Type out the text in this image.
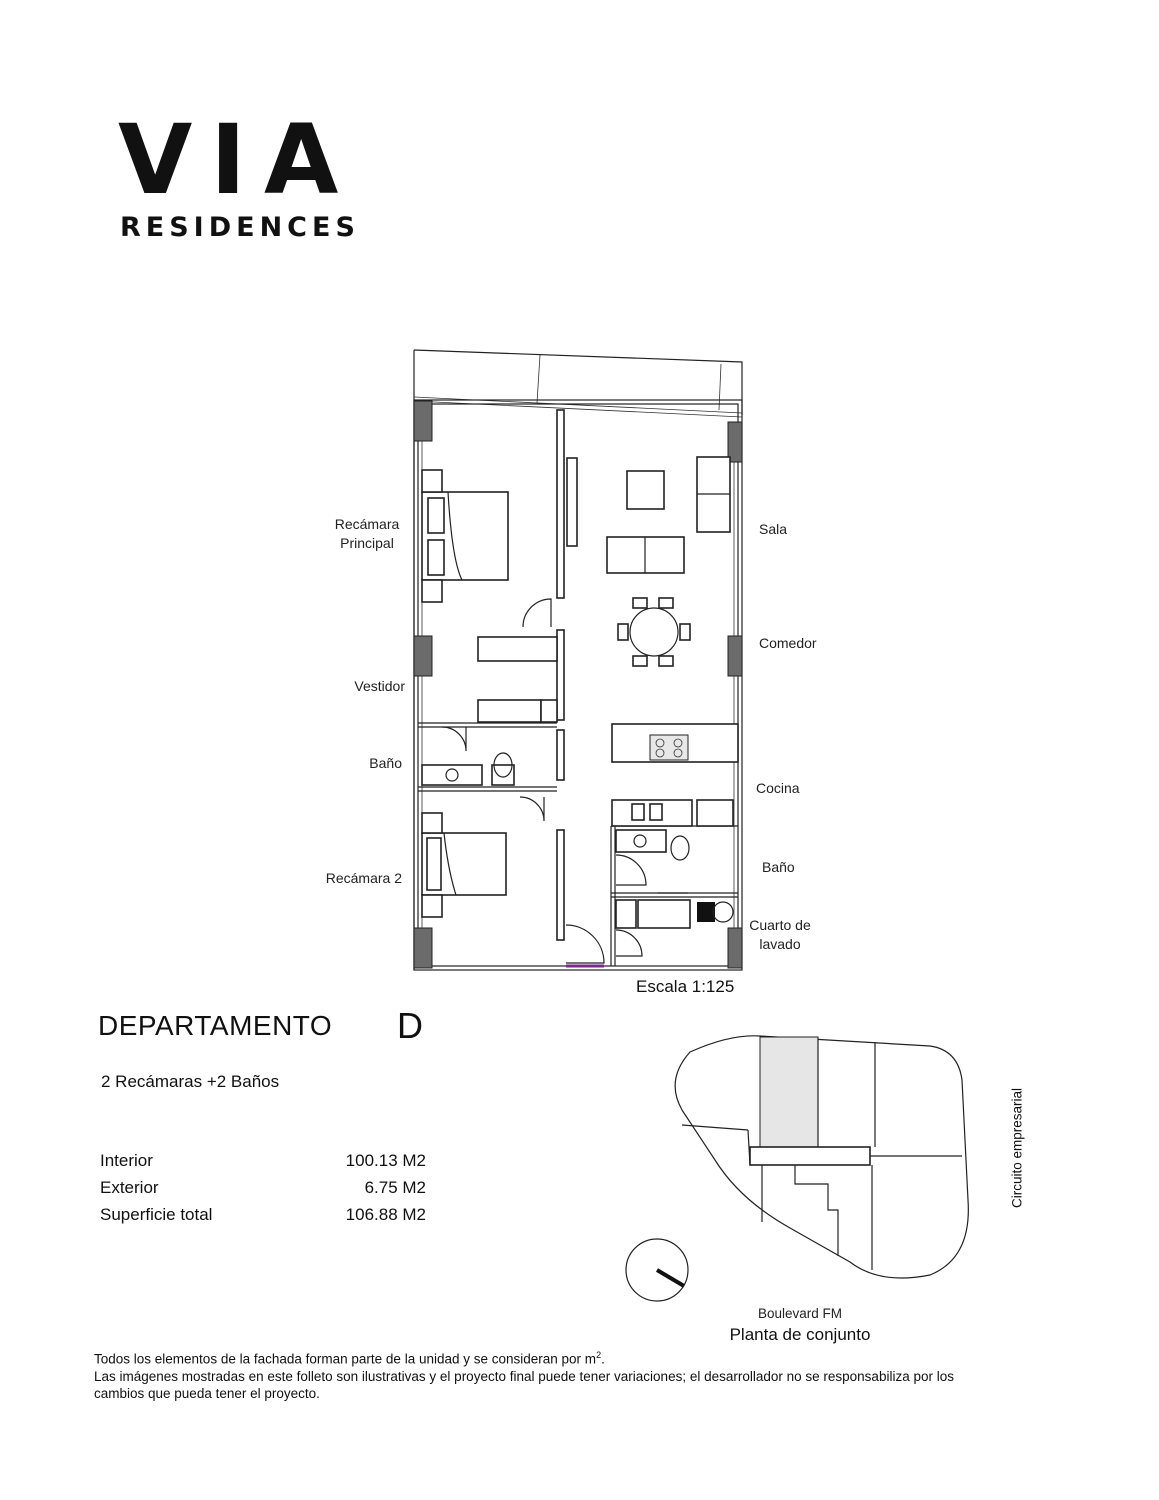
VIA
RESIDENCES
Recámara
Principal
Vestidor
Baño
Recámara 2
Sala
Comedor
Cocina
Baño
Cuarto de
lavado
Escala 1:125
DEPARTAMENTO D
2 Recámaras +2 Baños
Interior	100.13 M2
Exterior	6.75 M2
Superficie total	106.88 M2
Circuito empresarial
Boulevard FM
Planta de conjunto
Todos los elementos de la fachada forman parte de la unidad y se consideran por $m^2$.
Las imágenes mostradas en este folleto son ilustrativas y el proyecto final puede tener variaciones; el desarrollador no se responsabiliza por los
cambios que pueda tener el proyecto.
